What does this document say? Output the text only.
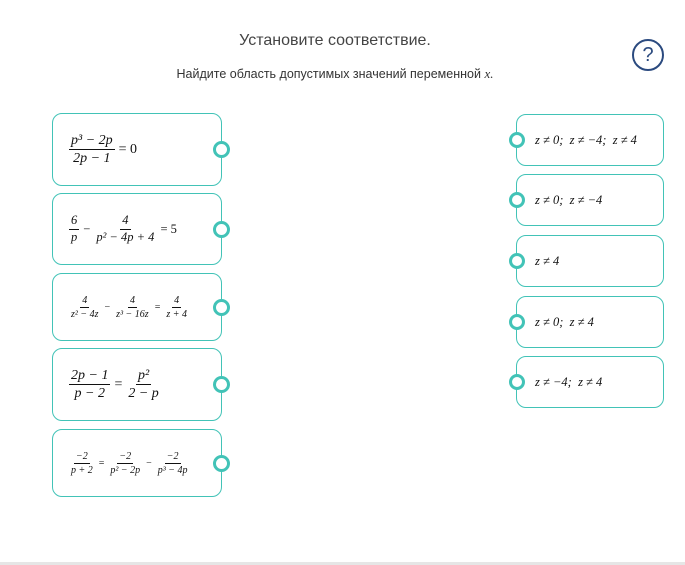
Установите соответствие.
Найдите область допустимых значений переменной x.
?
$\frac{\text{p³ − 2p}}{2p - 1} = 0$
$\frac{6}{p} - \frac{4}{\text{p² − 4p + 4}} = 5$
$\frac{4}{\text{z² − 4z}} - \frac{4}{\text{z³ − 16z}} = \frac{4}{z + 4}$
$\frac{2p - 1}{p - 2} = \frac{\text{p²}}{2 - p}$
$\frac{-2}{p + 2} = \frac{-2}{\text{p² − 2p}} - \frac{-2}{\text{p³ − 4p}}$
z ≠ 0;  z ≠ −4;  z ≠ 4
z ≠ 0;  z ≠ −4
z ≠ 4
z ≠ 0;  z ≠ 4
z ≠ −4;  z ≠ 4
